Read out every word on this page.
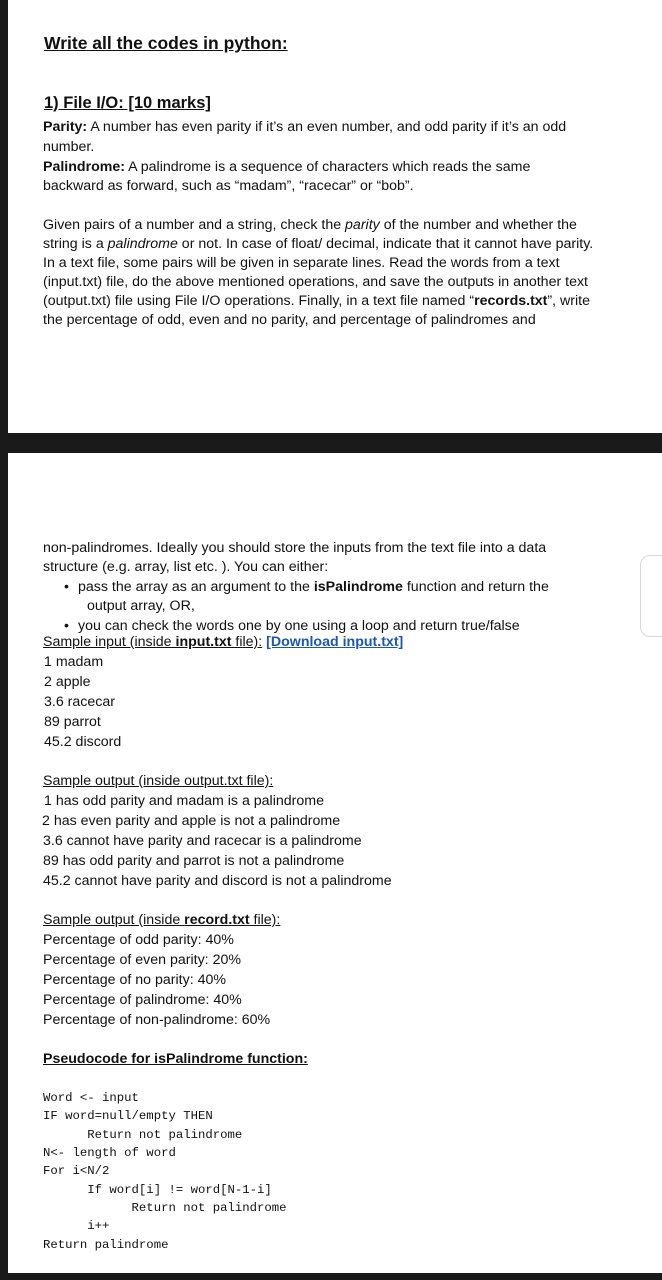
Write all the codes in python:
1) File I/O: [10 marks]
Parity: A number has even parity if it’s an even number, and odd parity if it’s an odd
number.
Palindrome: A palindrome is a sequence of characters which reads the same
backward as forward, such as “madam”, “racecar” or “bob”.
Given pairs of a number and a string, check the parity of the number and whether the
string is a palindrome or not. In case of float/ decimal, indicate that it cannot have parity.
In a text file, some pairs will be given in separate lines. Read the words from a text
(input.txt) file, do the above mentioned operations, and save the outputs in another text
(output.txt) file using File I/O operations. Finally, in a text file named “records.txt”, write
the percentage of odd, even and no parity, and percentage of palindromes and
non-palindromes. Ideally you should store the inputs from the text file into a data
structure (e.g. array, list etc. ). You can either:
• pass the array as an argument to the isPalindrome function and return the
output array, OR,
• you can check the words one by one using a loop and return true/false
Sample input (inside input.txt file): [Download input.txt]
1 madam
2 apple
3.6 racecar
89 parrot
45.2 discord
Sample output (inside output.txt file):
1 has odd parity and madam is a palindrome
2 has even parity and apple is not a palindrome
3.6 cannot have parity and racecar is a palindrome
89 has odd parity and parrot is not a palindrome
45.2 cannot have parity and discord is not a palindrome
Sample output (inside record.txt file):
Percentage of odd parity: 40%
Percentage of even parity: 20%
Percentage of no parity: 40%
Percentage of palindrome: 40%
Percentage of non-palindrome: 60%
Pseudocode for isPalindrome function:
Word <- input
IF word=null/empty THEN
Return not palindrome
N<- length of word
For i<N/2
If word[i] != word[N-1-i]
Return not palindrome
i++
Return palindrome
